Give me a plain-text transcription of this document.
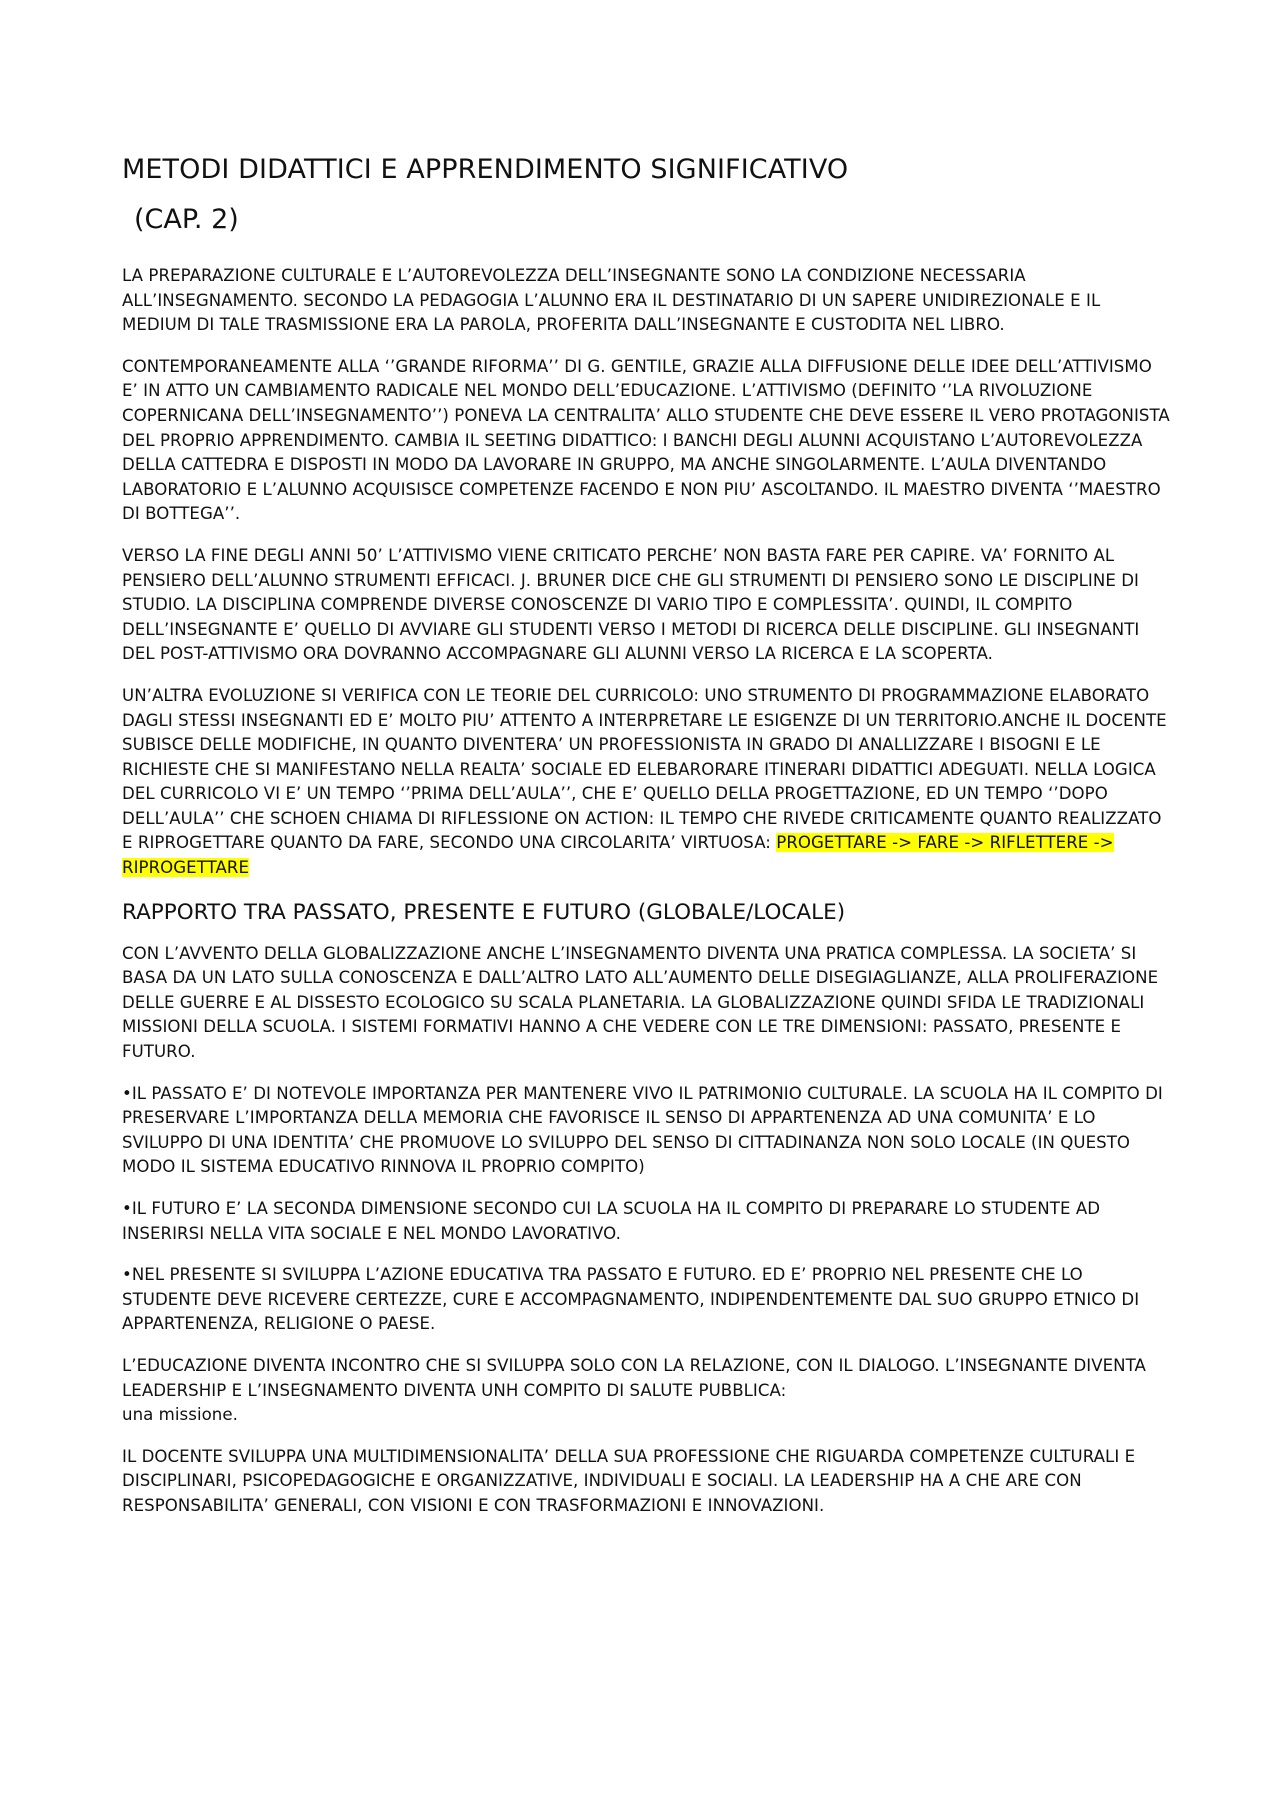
METODI DIDATTICI E APPRENDIMENTO SIGNIFICATIVO
(CAP. 2)

LA PREPARAZIONE CULTURALE E L’AUTOREVOLEZZA DELL’INSEGNANTE SONO LA CONDIZIONE NECESSARIA ALL’INSEGNAMENTO. SECONDO LA PEDAGOGIA L’ALUNNO ERA IL DESTINATARIO DI UN SAPERE UNIDIREZIONALE E IL MEDIUM DI TALE TRASMISSIONE ERA LA PAROLA, PROFERITA DALL’INSEGNANTE E CUSTODITA NEL LIBRO.

CONTEMPORANEAMENTE ALLA ‘’GRANDE RIFORMA’’ DI G. GENTILE, GRAZIE ALLA DIFFUSIONE DELLE IDEE DELL’ATTIVISMO E’ IN ATTO UN CAMBIAMENTO RADICALE NEL MONDO DELL’EDUCAZIONE. L’ATTIVISMO (DEFINITO ‘’LA RIVOLUZIONE COPERNICANA DELL’INSEGNAMENTO’’) PONEVA LA CENTRALITA’ ALLO STUDENTE CHE DEVE ESSERE IL VERO PROTAGONISTA DEL PROPRIO APPRENDIMENTO. CAMBIA IL SEETING DIDATTICO: I BANCHI DEGLI ALUNNI ACQUISTANO L’AUTOREVOLEZZA DELLA CATTEDRA E DISPOSTI IN MODO DA LAVORARE IN GRUPPO, MA ANCHE SINGOLARMENTE. L’AULA DIVENTANDO LABORATORIO E L’ALUNNO ACQUISISCE COMPETENZE FACENDO E NON PIU’ ASCOLTANDO. IL MAESTRO DIVENTA ‘’MAESTRO DI BOTTEGA’’.

VERSO LA FINE DEGLI ANNI 50’ L’ATTIVISMO VIENE CRITICATO PERCHE’ NON BASTA FARE PER CAPIRE. VA’ FORNITO AL PENSIERO DELL’ALUNNO STRUMENTI EFFICACI. J. BRUNER DICE CHE GLI STRUMENTI DI PENSIERO SONO LE DISCIPLINE DI STUDIO. LA DISCIPLINA COMPRENDE DIVERSE CONOSCENZE DI VARIO TIPO E COMPLESSITA’. QUINDI, IL COMPITO DELL’INSEGNANTE E’ QUELLO DI AVVIARE GLI STUDENTI VERSO I METODI DI RICERCA DELLE DISCIPLINE. GLI INSEGNANTI DEL POST-ATTIVISMO ORA DOVRANNO ACCOMPAGNARE GLI ALUNNI VERSO LA RICERCA E LA SCOPERTA.

UN’ALTRA EVOLUZIONE SI VERIFICA CON LE TEORIE DEL CURRICOLO: UNO STRUMENTO DI PROGRAMMAZIONE ELABORATO DAGLI STESSI INSEGNANTI ED E’ MOLTO PIU’ ATTENTO A INTERPRETARE LE ESIGENZE DI UN TERRITORIO.ANCHE IL DOCENTE SUBISCE DELLE MODIFICHE, IN QUANTO DIVENTERA’ UN PROFESSIONISTA IN GRADO DI ANALLIZZARE I BISOGNI E LE RICHIESTE CHE SI MANIFESTANO NELLA REALTA’ SOCIALE ED ELEBARORARE ITINERARI DIDATTICI ADEGUATI. NELLA LOGICA DEL CURRICOLO VI E’ UN TEMPO ‘’PRIMA DELL’AULA’’, CHE E’ QUELLO DELLA PROGETTAZIONE, ED UN TEMPO ‘’DOPO DELL’AULA’’ CHE SCHOEN CHIAMA DI RIFLESSIONE ON ACTION: IL TEMPO CHE RIVEDE CRITICAMENTE QUANTO REALIZZATO E RIPROGETTARE QUANTO DA FARE, SECONDO UNA CIRCOLARITA’ VIRTUOSA: PROGETTARE -> FARE -> RIFLETTERE -> RIPROGETTARE

RAPPORTO TRA PASSATO, PRESENTE E FUTURO (GLOBALE/LOCALE)

CON L’AVVENTO DELLA GLOBALIZZAZIONE ANCHE L’INSEGNAMENTO DIVENTA UNA PRATICA COMPLESSA. LA SOCIETA’ SI BASA DA UN LATO SULLA CONOSCENZA E DALL’ALTRO LATO ALL’AUMENTO DELLE DISEGIAGLIANZE, ALLA PROLIFERAZIONE DELLE GUERRE E AL DISSESTO ECOLOGICO SU SCALA PLANETARIA. LA GLOBALIZZAZIONE QUINDI SFIDA LE TRADIZIONALI MISSIONI DELLA SCUOLA. I SISTEMI FORMATIVI HANNO A CHE VEDERE CON LE TRE DIMENSIONI: PASSATO, PRESENTE E FUTURO.

•IL PASSATO E’ DI NOTEVOLE IMPORTANZA PER MANTENERE VIVO IL PATRIMONIO CULTURALE. LA SCUOLA HA IL COMPITO DI PRESERVARE L’IMPORTANZA DELLA MEMORIA CHE FAVORISCE IL SENSO DI APPARTENENZA AD UNA COMUNITA’ E LO SVILUPPO DI UNA IDENTITA’ CHE PROMUOVE LO SVILUPPO DEL SENSO DI CITTADINANZA NON SOLO LOCALE (IN QUESTO MODO IL SISTEMA EDUCATIVO RINNOVA IL PROPRIO COMPITO)

•IL FUTURO E’ LA SECONDA DIMENSIONE SECONDO CUI LA SCUOLA HA IL COMPITO DI PREPARARE LO STUDENTE AD INSERIRSI NELLA VITA SOCIALE E NEL MONDO LAVORATIVO.

•NEL PRESENTE SI SVILUPPA L’AZIONE EDUCATIVA TRA PASSATO E FUTURO. ED E’ PROPRIO NEL PRESENTE CHE LO STUDENTE DEVE RICEVERE CERTEZZE, CURE E ACCOMPAGNAMENTO, INDIPENDENTEMENTE DAL SUO GRUPPO ETNICO DI APPARTENENZA, RELIGIONE O PAESE.

L’EDUCAZIONE DIVENTA INCONTRO CHE SI SVILUPPA SOLO CON LA RELAZIONE, CON IL DIALOGO. L’INSEGNANTE DIVENTA LEADERSHIP E L’INSEGNAMENTO DIVENTA UNH COMPITO DI SALUTE PUBBLICA:
una missione.

IL DOCENTE SVILUPPA UNA MULTIDIMENSIONALITA’ DELLA SUA PROFESSIONE CHE RIGUARDA COMPETENZE CULTURALI E DISCIPLINARI, PSICOPEDAGOGICHE E ORGANIZZATIVE, INDIVIDUALI E SOCIALI. LA LEADERSHIP HA A CHE ARE CON RESPONSABILITA’ GENERALI, CON VISIONI E CON TRASFORMAZIONI E INNOVAZIONI.
